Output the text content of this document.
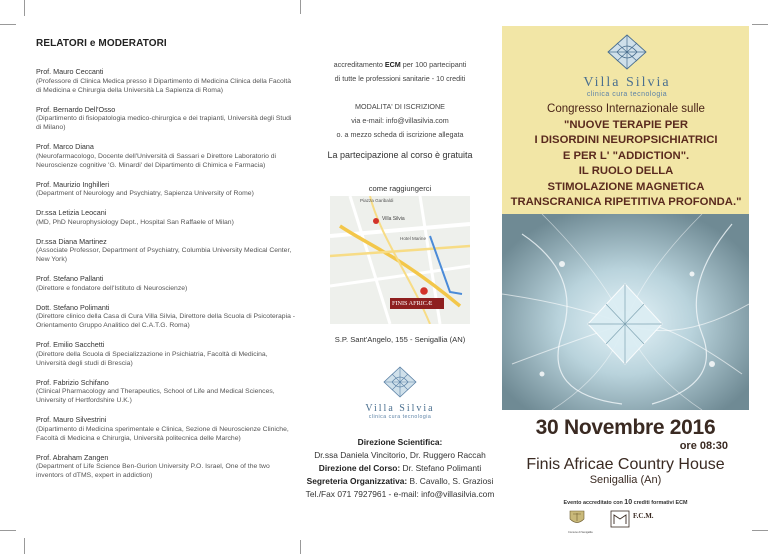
RELATORI e MODERATORI
Prof. Mauro Ceccanti
(Professore di Clinica Medica presso il Dipartimento di Medicina Clinica della Facoltà di Medicina e Chirurgia della Università La Sapienza di Roma)
Prof. Bernardo Dell'Osso
(Dipartimento di fisiopatologia medico-chirurgica e dei trapianti, Università degli Studi di Milano)
Prof. Marco Diana
(Neurofarmacologo, Docente dell'Università di Sassari e Direttore Laboratorio di Neuroscienze cognitive 'G. Minardi' del Dipartimento di Chimica e Farmacia)
Prof. Maurizio Inghilleri
(Department of Neurology and Psychiatry, Sapienza University of Rome)
Dr.ssa Letizia Leocani
(MD, PhD Neurophysiology Dept., Hospital San Raffaele of Milan)
Dr.ssa Diana Martinez
(Associate Professor, Department of Psychiatry, Columbia University Medical Center, New York)
Prof. Stefano Pallanti
(Direttore e fondatore dell'Istituto di Neuroscienze)
Dott. Stefano Polimanti
(Direttore clinico della Casa di Cura Villa Silvia, Direttore della Scuola di Psicoterapia - Orientamento Gruppo Analitico del C.A.T.G. Roma)
Prof. Emilio Sacchetti
(Direttore della Scuola di Specializzazione in Psichiatria, Facoltà di Medicina, Università degli studi di Brescia)
Prof. Fabrizio Schifano
(Clinical Pharmacology and Therapeutics, School of Life and Medical Sciences, University of Hertfordshire U.K.)
Prof. Mauro Silvestrini
(Dipartimento di Medicina sperimentale e Clinica, Sezione di Neuroscienze Cliniche, Facoltà di Medicina e Chirurgia, Università politecnica delle Marche)
Prof. Abraham Zangen
(Department of Life Science Ben-Gurion University P.O. Israel, One of the two inventors of dTMS, expert in addiction)
accreditamento ECM per 100 partecipanti
di tutte le professioni sanitarie - 10 crediti
MODALITA' DI ISCRIZIONE
via e-mail: info@villasilvia.com
o. a mezzo scheda di iscrizione allegata
La partecipazione al corso è gratuita
come raggiungerci
Piazza Garibaldi
Villa Silvia
Hotel Marine
FINIS AFRICÆ
S.P. Sant'Angelo, 155 - Senigallia (AN)
Villa Silvia
clinica cura tecnologia
Direzione Scientifica:
Dr.ssa Daniela Vincitorio, Dr. Ruggero Raccah
Direzione del Corso: Dr. Stefano Polimanti
Segreteria Organizzativa: B. Cavallo, S. Graziosi
Tel./Fax 071 7927961 - e-mail: info@villasilvia.com
Villa Silvia
clinica cura tecnologia
Congresso Internazionale sulle
"NUOVE TERAPIE PER
I DISORDINI NEUROPSICHIATRICI
E PER L' "ADDICTION".
IL RUOLO DELLA
STIMOLAZIONE MAGNETICA
TRANSCRANICA RIPETITIVA PROFONDA."
30 Novembre 2016
ore 08:30
Finis Africae Country House
Senigallia (An)
Evento accreditato con 10 crediti formativi ECM
Comune di Senigallia
F.C.M.
